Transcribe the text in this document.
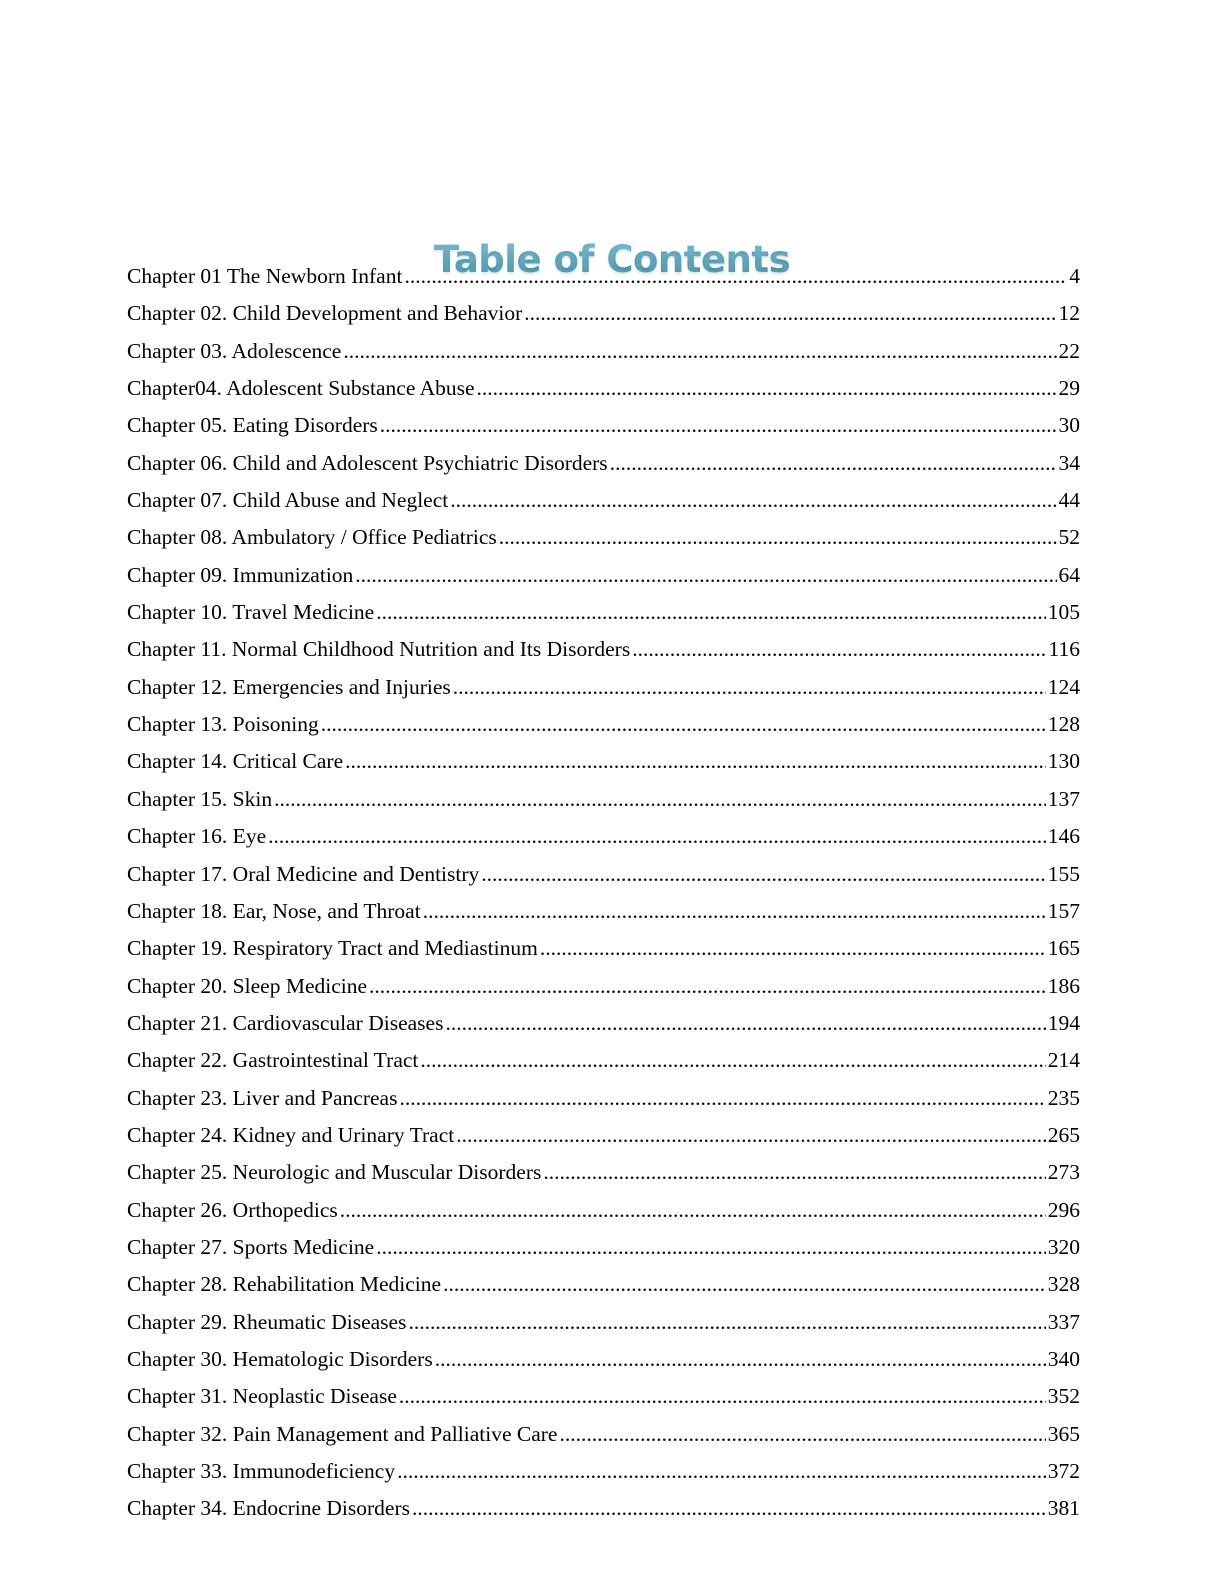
Table of Contents
Chapter 01 The Newborn Infant .....	4
Chapter 02. Child Development and Behavior .....	12
Chapter 03. Adolescence .....	22
Chapter04. Adolescent Substance Abuse .....	29
Chapter 05. Eating Disorders .....	30
Chapter 06. Child and Adolescent Psychiatric Disorders .....	34
Chapter 07. Child Abuse and Neglect .....	44
Chapter 08. Ambulatory / Office Pediatrics .....	52
Chapter 09. Immunization .....	64
Chapter 10. Travel Medicine .....	105
Chapter 11. Normal Childhood Nutrition and Its Disorders .....	116
Chapter 12. Emergencies and Injuries .....	124
Chapter 13. Poisoning .....	128
Chapter 14. Critical Care .....	130
Chapter 15. Skin .....	137
Chapter 16. Eye .....	146
Chapter 17. Oral Medicine and Dentistry .....	155
Chapter 18. Ear, Nose, and Throat .....	157
Chapter 19. Respiratory Tract and Mediastinum .....	165
Chapter 20. Sleep Medicine .....	186
Chapter 21. Cardiovascular Diseases .....	194
Chapter 22. Gastrointestinal Tract .....	214
Chapter 23. Liver and Pancreas .....	235
Chapter 24. Kidney and Urinary Tract .....	265
Chapter 25. Neurologic and Muscular Disorders .....	273
Chapter 26. Orthopedics .....	296
Chapter 27. Sports Medicine .....	320
Chapter 28. Rehabilitation Medicine .....	328
Chapter 29. Rheumatic Diseases .....	337
Chapter 30. Hematologic Disorders .....	340
Chapter 31. Neoplastic Disease .....	352
Chapter 32. Pain Management and Palliative Care .....	365
Chapter 33. Immunodeficiency .....	372
Chapter 34. Endocrine Disorders .....	381
